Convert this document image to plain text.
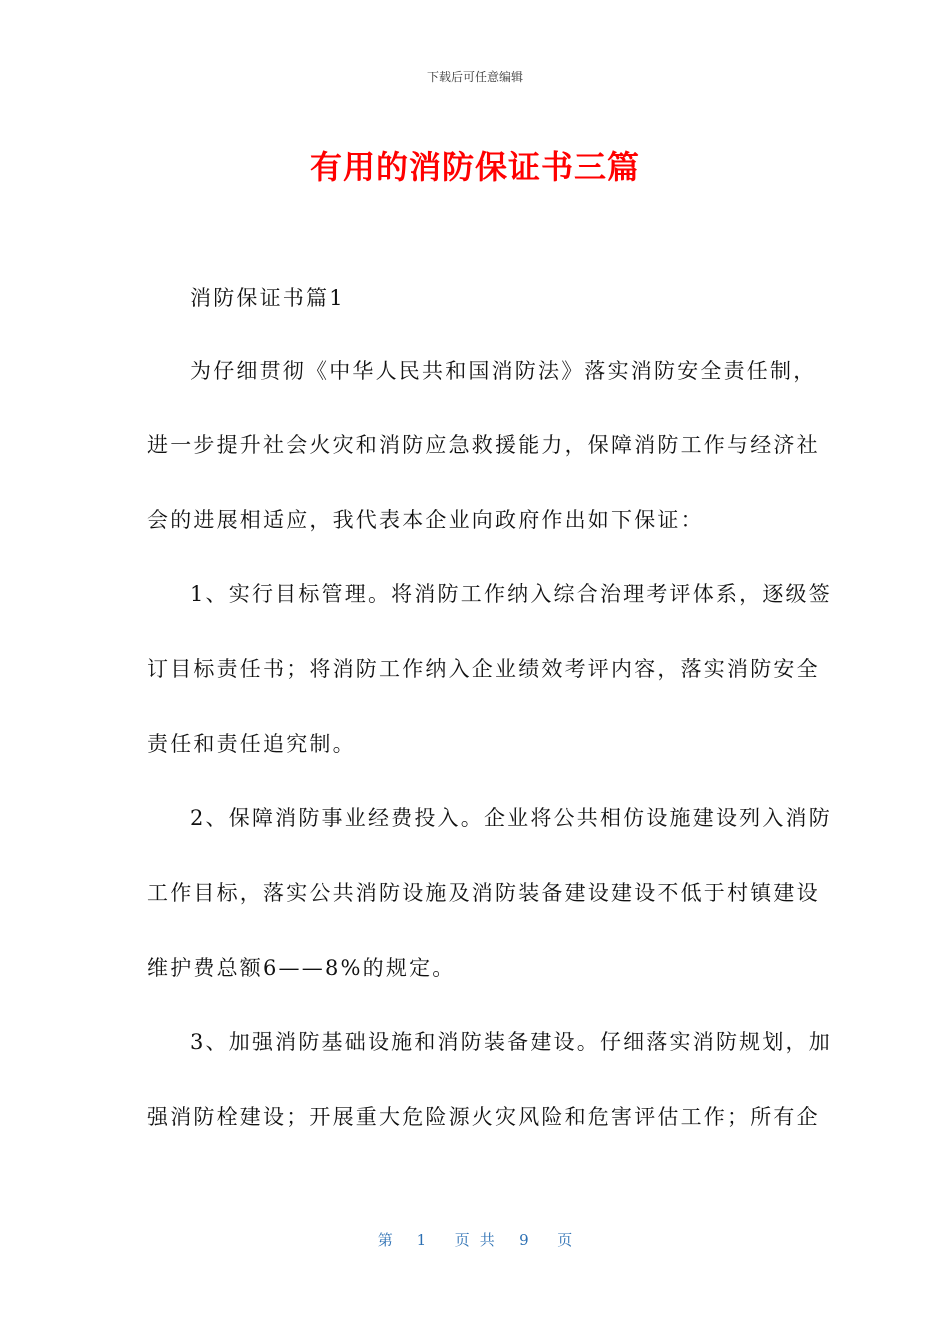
下载后可任意编辑
有用的消防保证书三篇
消防保证书篇1
为仔细贯彻《中华人民共和国消防法》落实消防安全责任制，
进一步提升社会火灾和消防应急救援能力，保障消防工作与经济社
会的进展相适应，我代表本企业向政府作出如下保证：
1、实行目标管理。将消防工作纳入综合治理考评体系，逐级签
订目标责任书；将消防工作纳入企业绩效考评内容，落实消防安全
责任和责任追究制。
2、保障消防事业经费投入。企业将公共相仿设施建设列入消防
工作目标，落实公共消防设施及消防装备建设建设不低于村镇建设
维护费总额6——8%的规定。
3、加强消防基础设施和消防装备建设。仔细落实消防规划，加
强消防栓建设；开展重大危险源火灾风险和危害评估工作；所有企
第 1 页共 9 页
